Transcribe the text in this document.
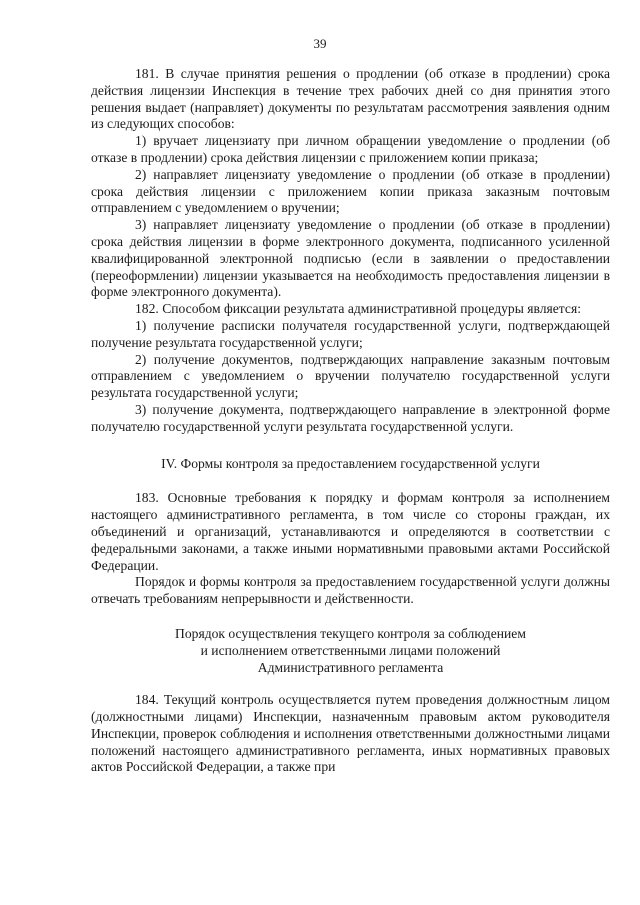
39

181. В случае принятия решения о продлении (об отказе в продлении) срока действия лицензии Инспекция в течение трех рабочих дней со дня принятия этого решения выдает (направляет) документы по результатам рассмотрения заявления одним из следующих способов:

1) вручает лицензиату при личном обращении уведомление о продлении (об отказе в продлении) срока действия лицензии с приложением копии приказа;

2) направляет лицензиату уведомление о продлении (об отказе в продлении) срока действия лицензии с приложением копии приказа заказным почтовым отправлением с уведомлением о вручении;

3) направляет лицензиату уведомление о продлении (об отказе в продлении) срока действия лицензии в форме электронного документа, подписанного усиленной квалифицированной электронной подписью (если в заявлении о предоставлении (переоформлении) лицензии указывается на необходимость предоставления лицензии в форме электронного документа).

182. Способом фиксации результата административной процедуры является:

1) получение расписки получателя государственной услуги, подтверждающей получение результата государственной услуги;

2) получение документов, подтверждающих направление заказным почтовым отправлением с уведомлением о вручении получателю государственной услуги результата государственной услуги;

3) получение документа, подтверждающего направление в электронной форме получателю государственной услуги результата государственной услуги.

IV. Формы контроля за предоставлением государственной услуги

183. Основные требования к порядку и формам контроля за исполнением настоящего административного регламента, в том числе со стороны граждан, их объединений и организаций, устанавливаются и определяются в соответствии с федеральными законами, а также иными нормативными правовыми актами Российской Федерации.

Порядок и формы контроля за предоставлением государственной услуги должны отвечать требованиям непрерывности и действенности.

Порядок осуществления текущего контроля за соблюдением
и исполнением ответственными лицами положений
Административного регламента

184. Текущий контроль осуществляется путем проведения должностным лицом (должностными лицами) Инспекции, назначенным правовым актом руководителя Инспекции, проверок соблюдения и исполнения ответственными должностными лицами положений настоящего административного регламента, иных нормативных правовых актов Российской Федерации, а также при
